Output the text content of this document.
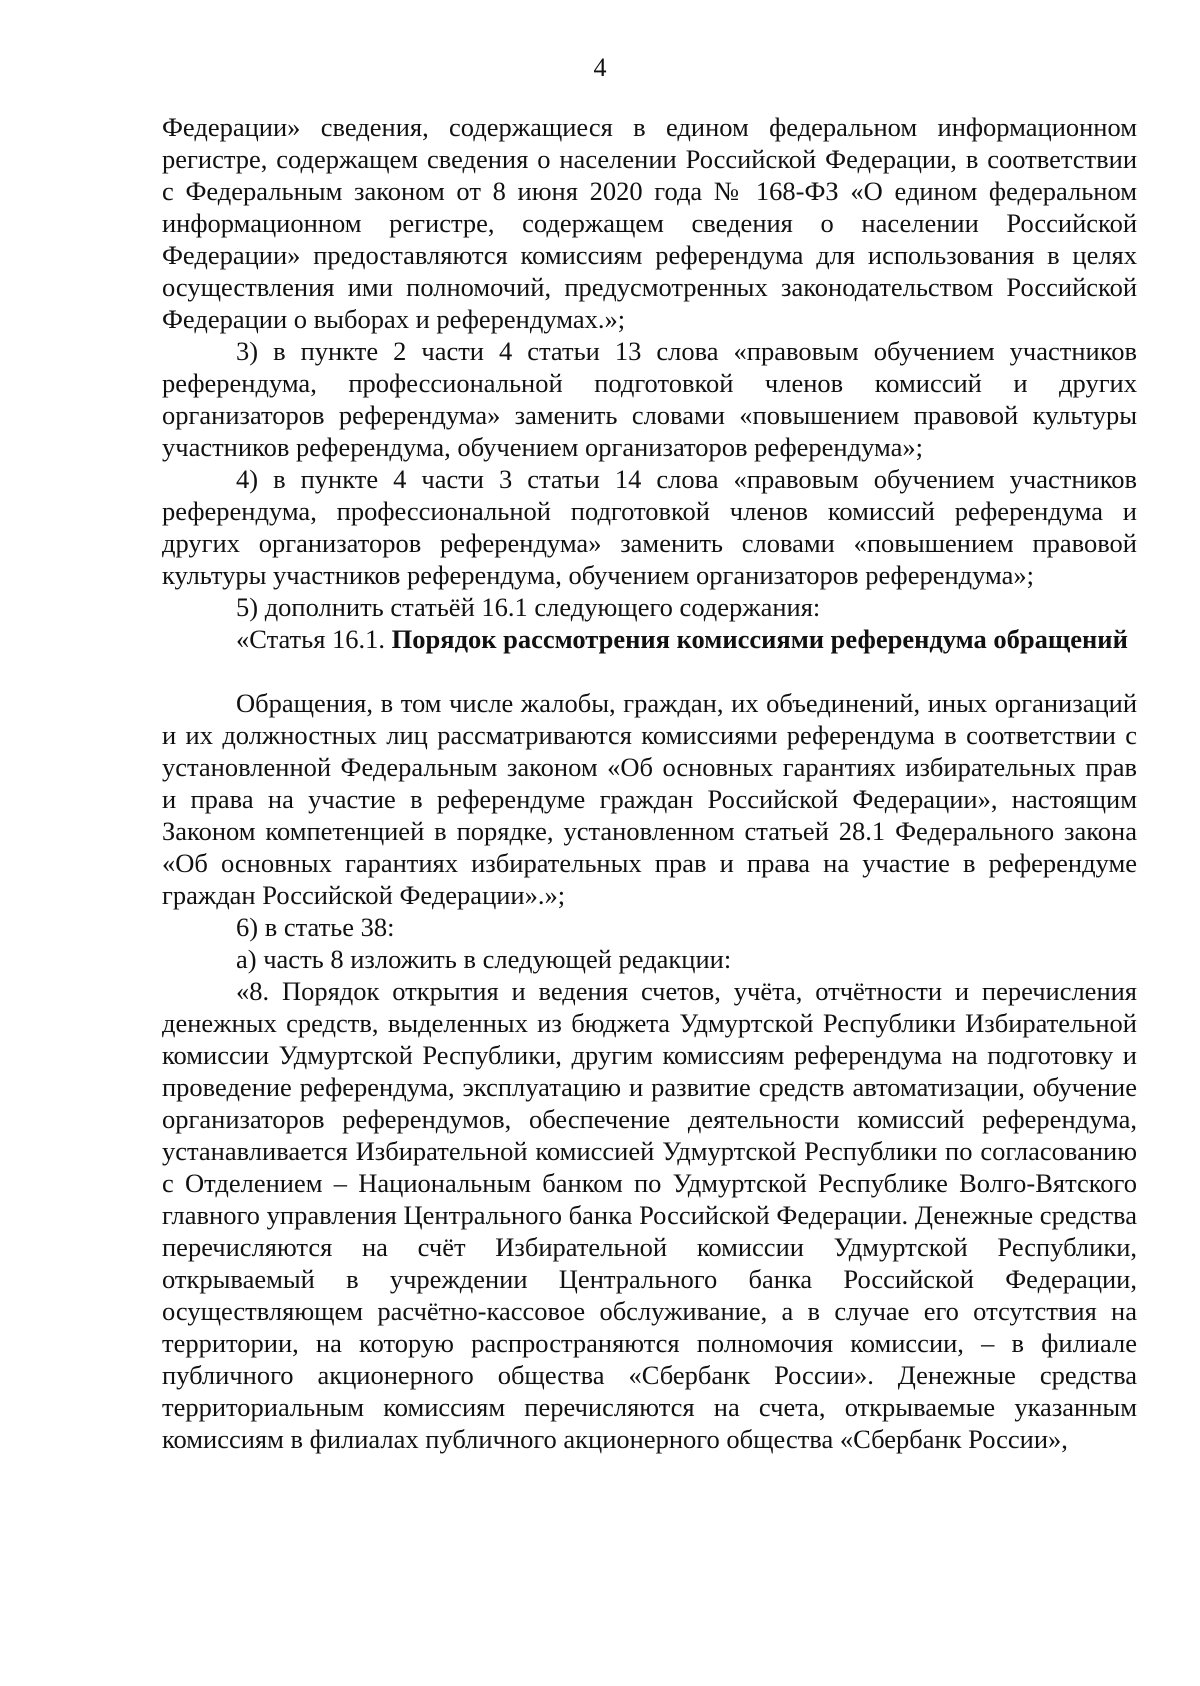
4

Федерации» сведения, содержащиеся в едином федеральном информационном регистре, содержащем сведения о населении Российской Федерации, в соответствии с Федеральным законом от 8 июня 2020 года № 168-ФЗ «О едином федеральном информационном регистре, содержащем сведения о населении Российской Федерации» предоставляются комиссиям референдума для использования в целях осуществления ими полномочий, предусмотренных законодательством Российской Федерации о выборах и референдумах.»;

3) в пункте 2 части 4 статьи 13 слова «правовым обучением участников референдума, профессиональной подготовкой членов комиссий и других организаторов референдума» заменить словами «повышением правовой культуры участников референдума, обучением организаторов референдума»;

4) в пункте 4 части 3 статьи 14 слова «правовым обучением участников референдума, профессиональной подготовкой членов комиссий референдума и других организаторов референдума» заменить словами «повышением правовой культуры участников референдума, обучением организаторов референдума»;

5) дополнить статьёй 16.1 следующего содержания:

«Статья 16.1. Порядок рассмотрения комиссиями референдума обращений

Обращения, в том числе жалобы, граждан, их объединений, иных организаций и их должностных лиц рассматриваются комиссиями референдума в соответствии с установленной Федеральным законом «Об основных гарантиях избирательных прав и права на участие в референдуме граждан Российской Федерации», настоящим Законом компетенцией в порядке, установленном статьей 28.1 Федерального закона «Об основных гарантиях избирательных прав и права на участие в референдуме граждан Российской Федерации».»;

6) в статье 38:

а) часть 8 изложить в следующей редакции:

«8. Порядок открытия и ведения счетов, учёта, отчётности и перечисления денежных средств, выделенных из бюджета Удмуртской Республики Избирательной комиссии Удмуртской Республики, другим комиссиям референдума на подготовку и проведение референдума, эксплуатацию и развитие средств автоматизации, обучение организаторов референдумов, обеспечение деятельности комиссий референдума, устанавливается Избирательной комиссией Удмуртской Республики по согласованию с Отделением – Национальным банком по Удмуртской Республике Волго-Вятского главного управления Центрального банка Российской Федерации. Денежные средства перечисляются на счёт Избирательной комиссии Удмуртской Республики, открываемый в учреждении Центрального банка Российской Федерации, осуществляющем расчётно-кассовое обслуживание, а в случае его отсутствия на территории, на которую распространяются полномочия комиссии, – в филиале публичного акционерного общества «Сбербанк России». Денежные средства территориальным комиссиям перечисляются на счета, открываемые указанным комиссиям в филиалах публичного акционерного общества «Сбербанк России»,
